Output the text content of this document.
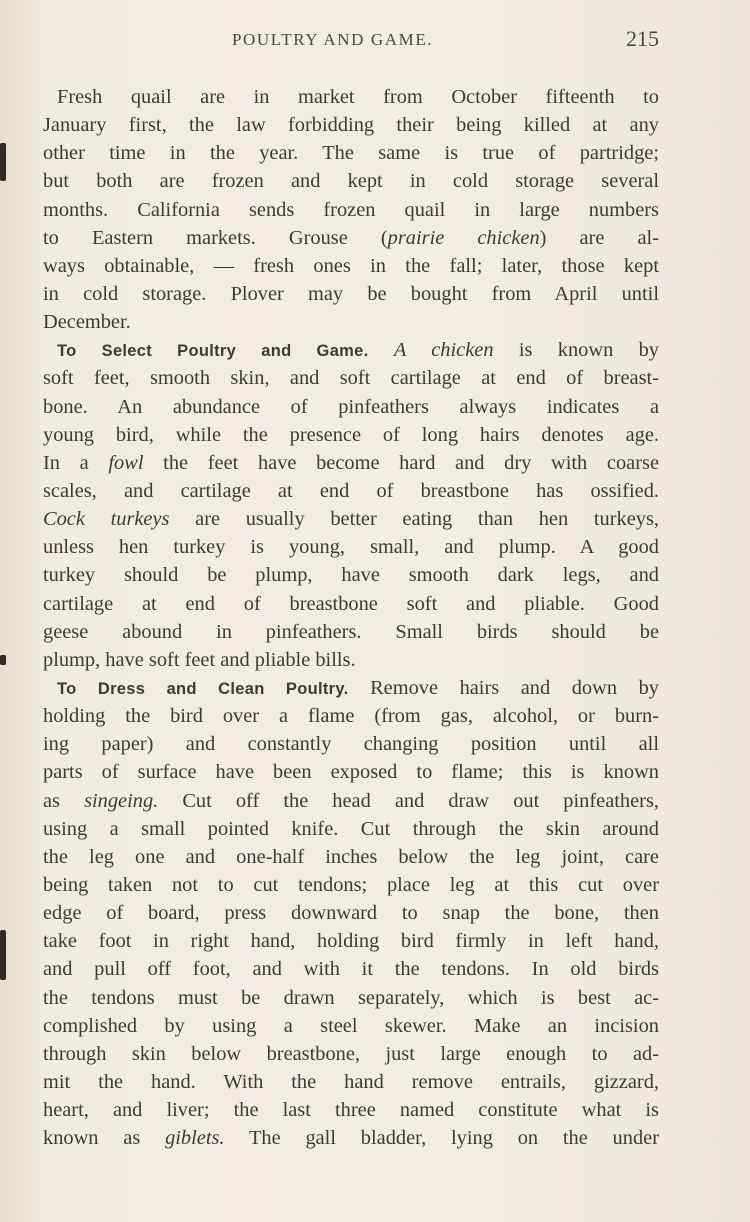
POULTRY AND GAME.	215
Fresh quail are in market from October fifteenth to
January first, the law forbidding their being killed at any
other time in the year. The same is true of partridge;
but both are frozen and kept in cold storage several
months. California sends frozen quail in large numbers
to Eastern markets. Grouse (prairie chicken) are al-
ways obtainable, — fresh ones in the fall; later, those kept
in cold storage. Plover may be bought from April until
December.
To Select Poultry and Game. A chicken is known by
soft feet, smooth skin, and soft cartilage at end of breast-
bone. An abundance of pinfeathers always indicates a
young bird, while the presence of long hairs denotes age.
In a fowl the feet have become hard and dry with coarse
scales, and cartilage at end of breastbone has ossified.
Cock turkeys are usually better eating than hen turkeys,
unless hen turkey is young, small, and plump. A good
turkey should be plump, have smooth dark legs, and
cartilage at end of breastbone soft and pliable. Good
geese abound in pinfeathers. Small birds should be
plump, have soft feet and pliable bills.
To Dress and Clean Poultry. Remove hairs and down by
holding the bird over a flame (from gas, alcohol, or burn-
ing paper) and constantly changing position until all
parts of surface have been exposed to flame; this is known
as singeing. Cut off the head and draw out pinfeathers,
using a small pointed knife. Cut through the skin around
the leg one and one-half inches below the leg joint, care
being taken not to cut tendons; place leg at this cut over
edge of board, press downward to snap the bone, then
take foot in right hand, holding bird firmly in left hand,
and pull off foot, and with it the tendons. In old birds
the tendons must be drawn separately, which is best ac-
complished by using a steel skewer. Make an incision
through skin below breastbone, just large enough to ad-
mit the hand. With the hand remove entrails, gizzard,
heart, and liver; the last three named constitute what is
known as giblets. The gall bladder, lying on the under
